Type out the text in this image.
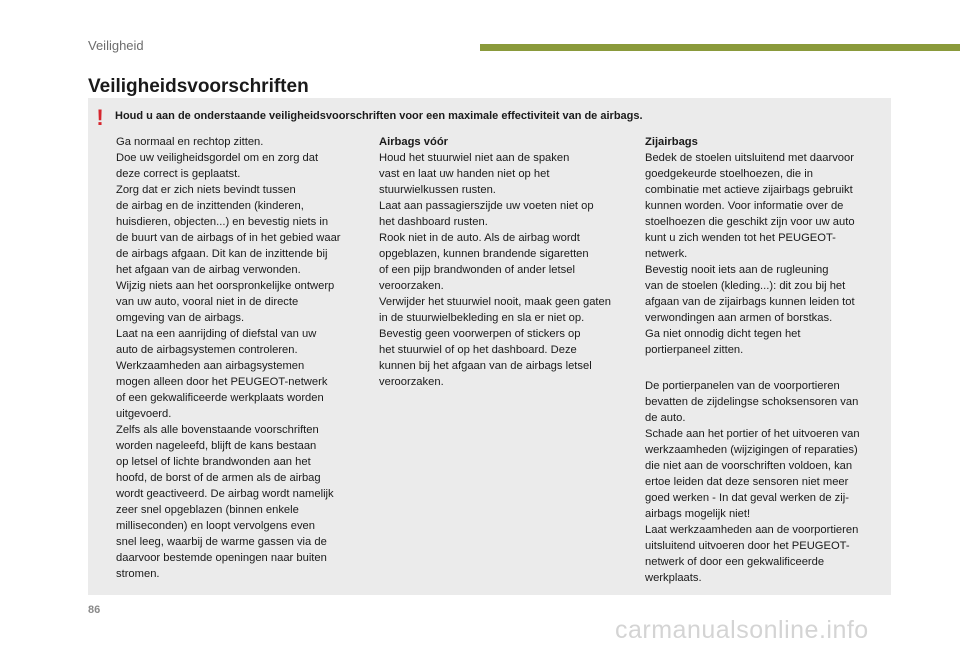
Veiligheid
Veiligheidsvoorschriften
! Houd u aan de onderstaande veiligheidsvoorschriften voor een maximale effectiviteit van de airbags.
Ga normaal en rechtop zitten.
Doe uw veiligheidsgordel om en zorg dat
deze correct is geplaatst.
Zorg dat er zich niets bevindt tussen
de airbag en de inzittenden (kinderen,
huisdieren, objecten...) en bevestig niets in
de buurt van de airbags of in het gebied waar
de airbags afgaan. Dit kan de inzittende bij
het afgaan van de airbag verwonden.
Wijzig niets aan het oorspronkelijke ontwerp
van uw auto, vooral niet in de directe
omgeving van de airbags.
Laat na een aanrijding of diefstal van uw
auto de airbagsystemen controleren.
Werkzaamheden aan airbagsystemen
mogen alleen door het PEUGEOT-netwerk
of een gekwalificeerde werkplaats worden
uitgevoerd.
Zelfs als alle bovenstaande voorschriften
worden nageleefd, blijft de kans bestaan
op letsel of lichte brandwonden aan het
hoofd, de borst of de armen als de airbag
wordt geactiveerd. De airbag wordt namelijk
zeer snel opgeblazen (binnen enkele
milliseconden) en loopt vervolgens even
snel leeg, waarbij de warme gassen via de
daarvoor bestemde openingen naar buiten
stromen.
Airbags vóór
Houd het stuurwiel niet aan de spaken
vast en laat uw handen niet op het
stuurwielkussen rusten.
Laat aan passagierszijde uw voeten niet op
het dashboard rusten.
Rook niet in de auto. Als de airbag wordt
opgeblazen, kunnen brandende sigaretten
of een pijp brandwonden of ander letsel
veroorzaken.
Verwijder het stuurwiel nooit, maak geen gaten
in de stuurwielbekleding en sla er niet op.
Bevestig geen voorwerpen of stickers op
het stuurwiel of op het dashboard. Deze
kunnen bij het afgaan van de airbags letsel
veroorzaken.
Zijairbags
Bedek de stoelen uitsluitend met daarvoor
goedgekeurde stoelhoezen, die in
combinatie met actieve zijairbags gebruikt
kunnen worden. Voor informatie over de
stoelhoezen die geschikt zijn voor uw auto
kunt u zich wenden tot het PEUGEOT-
netwerk.
Bevestig nooit iets aan de rugleuning
van de stoelen (kleding...): dit zou bij het
afgaan van de zijairbags kunnen leiden tot
verwondingen aan armen of borstkas.
Ga niet onnodig dicht tegen het
portierpaneel zitten.
De portierpanelen van de voorportieren
bevatten de zijdelingse schoksensoren van
de auto.
Schade aan het portier of het uitvoeren van
werkzaamheden (wijzigingen of reparaties)
die niet aan de voorschriften voldoen, kan
ertoe leiden dat deze sensoren niet meer
goed werken - In dat geval werken de zij-
airbags mogelijk niet!
Laat werkzaamheden aan de voorportieren
uitsluitend uitvoeren door het PEUGEOT-
netwerk of door een gekwalificeerde
werkplaats.
86
carmanualsonline.info
